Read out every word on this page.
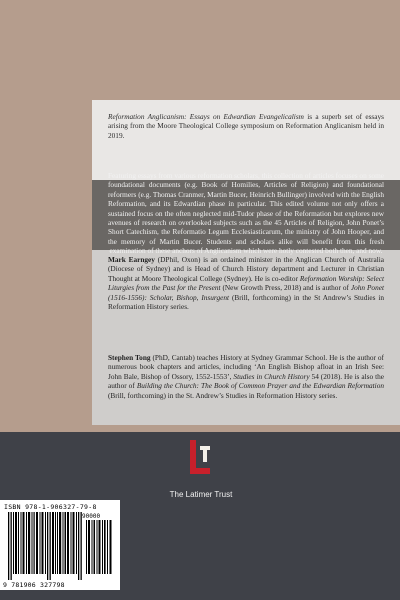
Reformation Anglicanism: Essays on Edwardian Evangelicalism is a superb set of essays arising from the Moore Theological College symposium on Reformation Anglicanism held in 2019.
Featuring essays from various reformation scholars, this collection of articles focuses on some foundational documents (e.g. Book of Homilies, Articles of Religion) and foundational reformers (e.g. Thomas Cranmer, Martin Bucer, Heinrich Bullinger) involved with the English Reformation, and its Edwardian phase in particular. This edited volume not only offers a sustained focus on the often neglected mid-Tudor phase of the Reformation but explores new avenues of research on overlooked subjects such as the 45 Articles of Religion, John Ponet’s Short Catechism, the Reformatio Legum Ecclesiasticarum, the ministry of John Hooper, and the memory of Martin Bucer. Students and scholars alike will benefit from this fresh examination of these anchors of Anglicanism which were hotly contested both then, and now.
Mark Earngey (DPhil, Oxon) is an ordained minister in the Anglican Church of Australia (Diocese of Sydney) and is Head of Church History department and Lecturer in Christian Thought at Moore Theological College (Sydney). He is co-editor Reformation Worship: Select Liturgies from the Past for the Present (New Growth Press, 2018) and is author of John Ponet (1516-1556): Scholar, Bishop, Insurgent (Brill, forthcoming) in the St Andrew’s Studies in Reformation History series.
Stephen Tong (PhD, Cantab) teaches History at Sydney Grammar School. He is the author of numerous book chapters and articles, including ‘An English Bishop afloat in an Irish See: John Bale, Bishop of Ossory, 1552-1553’, Studies in Church History 54 (2018). He is also the author of Building the Church: The Book of Common Prayer and the Edwardian Reformation (Brill, forthcoming) in the St. Andrew’s Studies in Reformation History series.
The Latimer Trust
ISBN 978-1-906327-79-8
90000
9 781906 327798
